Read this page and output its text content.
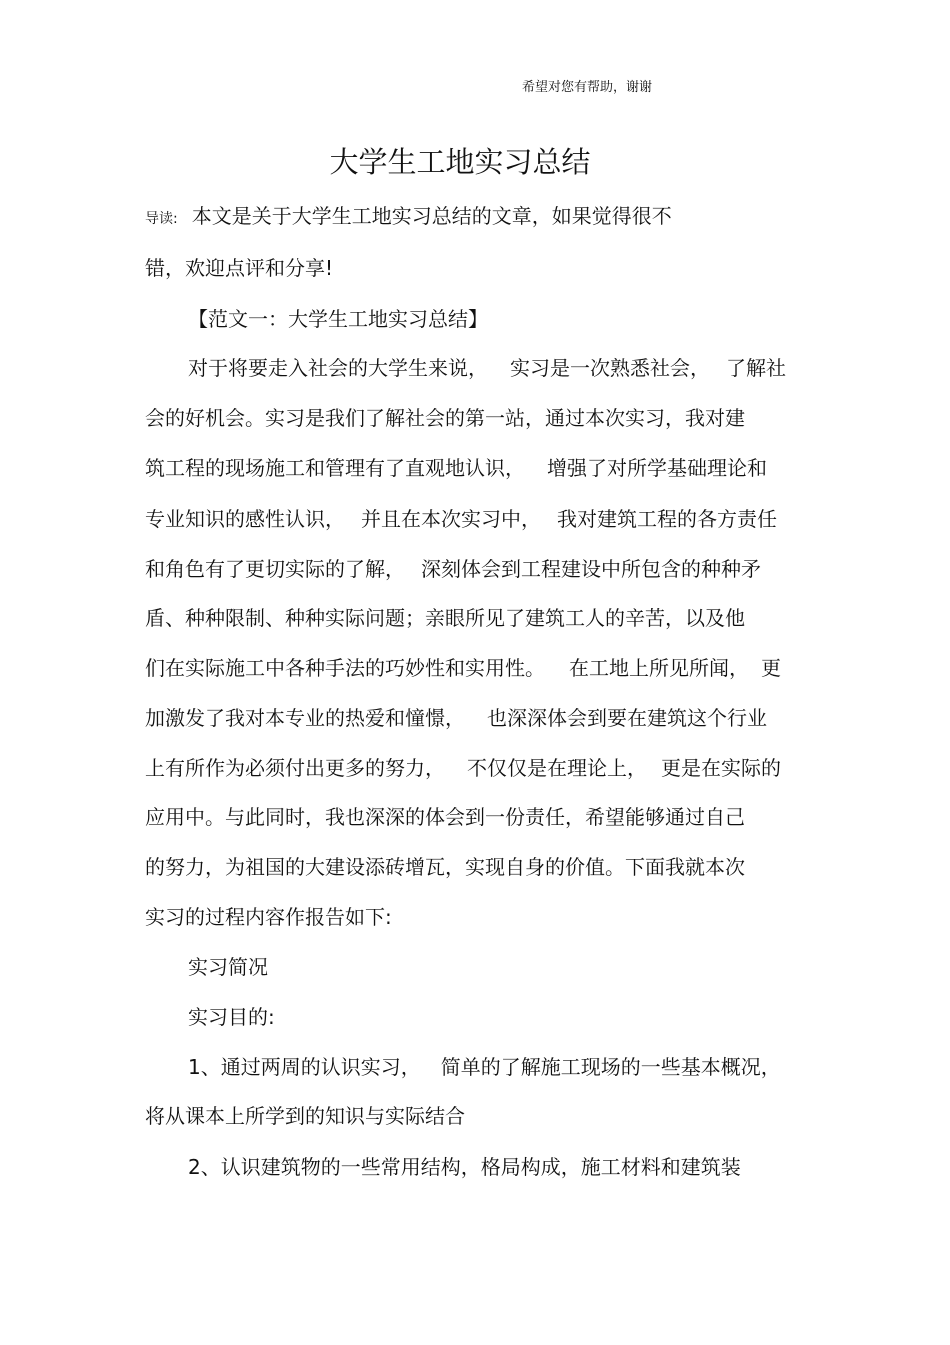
希望对您有帮助，谢谢
大学生工地实习总结
导读: 本文是关于大学生工地实习总结的文章，如果觉得很不
错，欢迎点评和分享!
【范文一：大学生工地实习总结】
对于将要走入社会的大学生来说， 实习是一次熟悉社会， 了解社
会的好机会。实习是我们了解社会的第一站，通过本次实习，我对建
筑工程的现场施工和管理有了直观地认识， 增强了对所学基础理论和
专业知识的感性认识， 并且在本次实习中， 我对建筑工程的各方责任
和角色有了更切实际的了解， 深刻体会到工程建设中所包含的种种矛
盾、种种限制、种种实际问题；亲眼所见了建筑工人的辛苦，以及他
们在实际施工中各种手法的巧妙性和实用性。 在工地上所见所闻， 更
加激发了我对本专业的热爱和憧憬， 也深深体会到要在建筑这个行业
上有所作为必须付出更多的努力， 不仅仅是在理论上， 更是在实际的
应用中。与此同时，我也深深的体会到一份责任，希望能够通过自己
的努力，为祖国的大建设添砖增瓦，实现自身的价值。下面我就本次
实习的过程内容作报告如下:
实习简况
实习目的:
1、通过两周的认识实习， 简单的了解施工现场的一些基本概况，
将从课本上所学到的知识与实际结合
2、认识建筑物的一些常用结构，格局构成，施工材料和建筑装
